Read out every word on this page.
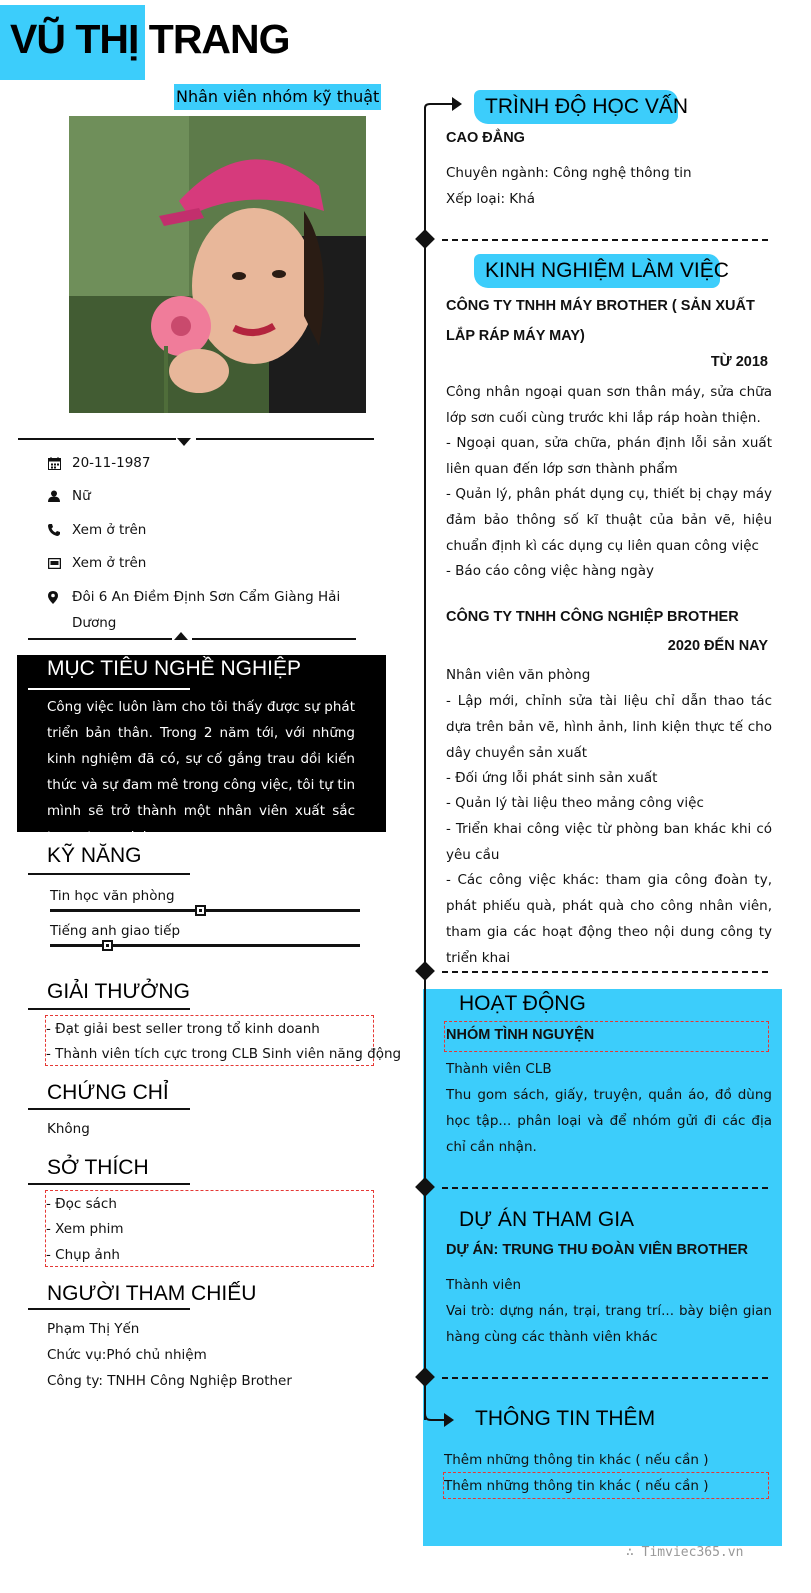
VŨ THỊ TRANG
Nhân viên nhóm kỹ thuật
20-11-1987
Nữ
Xem ở trên
Xem ở trên
Đôi 6 An Điềm Định Sơn Cẩm Giàng Hải Dương
MỤC TIÊU NGHỀ NGHIỆP
Công việc luôn làm cho tôi thấy được sự phát triển bản thân. Trong 2 năm tới, với những kinh nghiệm đã có, sự cố gắng trau dồi kiến thức và sự đam mê trong công việc, tôi tự tin mình sẽ trở thành một nhân viên xuất sắc trong tương lai.
KỸ NĂNG
Tin học văn phòng
Tiếng anh giao tiếp
GIẢI THƯỞNG
- Đạt giải best seller trong tổ kinh doanh
- Thành viên tích cực trong CLB Sinh viên năng động
CHỨNG CHỈ
Không
SỞ THÍCH
- Đọc sách
- Xem phim
- Chụp ảnh
NGƯỜI THAM CHIẾU
Phạm Thị Yến
Chức vụ:Phó chủ nhiệm
Công ty: TNHH Công Nghiệp Brother
TRÌNH ĐỘ HỌC VẤN
CAO ĐẲNG
Chuyên ngành: Công nghệ thông tin
Xếp loại: Khá
KINH NGHIỆM LÀM VIỆC
CÔNG TY TNHH MÁY BROTHER ( SẢN XUẤT LẮP RÁP MÁY MAY)
TỪ 2018
Công nhân ngoại quan sơn thân máy, sửa chữa lớp sơn cuối cùng trước khi lắp ráp hoàn thiện.
- Ngoại quan, sửa chữa, phán định lỗi sản xuất liên quan đến lớp sơn thành phẩm
- Quản lý, phân phát dụng cụ, thiết bị chạy máy đảm bảo thông số kĩ thuật của bản vẽ, hiệu chuẩn định kì các dụng cụ liên quan công việc
- Báo cáo công việc hàng ngày
CÔNG TY TNHH CÔNG NGHIỆP BROTHER
2020 ĐẾN NAY
Nhân viên văn phòng
- Lập mới, chỉnh sửa tài liệu chỉ dẫn thao tác dựa trên bản vẽ, hình ảnh, linh kiện thực tế cho dây chuyền sản xuất
- Đối ứng lỗi phát sinh sản xuất
- Quản lý tài liệu theo mảng công việc
- Triển khai công việc từ phòng ban khác khi có yêu cầu
- Các công việc khác: tham gia công đoàn ty, phát phiếu quà, phát quà cho công nhân viên, tham gia các hoạt động theo nội dung công ty triển khai
HOẠT ĐỘNG
NHÓM TÌNH NGUYỆN
Thành viên CLB
Thu gom sách, giấy, truyện, quần áo, đồ dùng học tập... phân loại và để nhóm gửi đi các địa chỉ cần nhận.
DỰ ÁN THAM GIA
DỰ ÁN: TRUNG THU ĐOÀN VIÊN BROTHER
Thành viên
Vai trò: dựng nán, trại, trang trí... bày biện gian hàng cùng các thành viên khác
THÔNG TIN THÊM
Thêm những thông tin khác ( nếu cần )
Thêm những thông tin khác ( nếu cần )
∴ Timviec365.vn
